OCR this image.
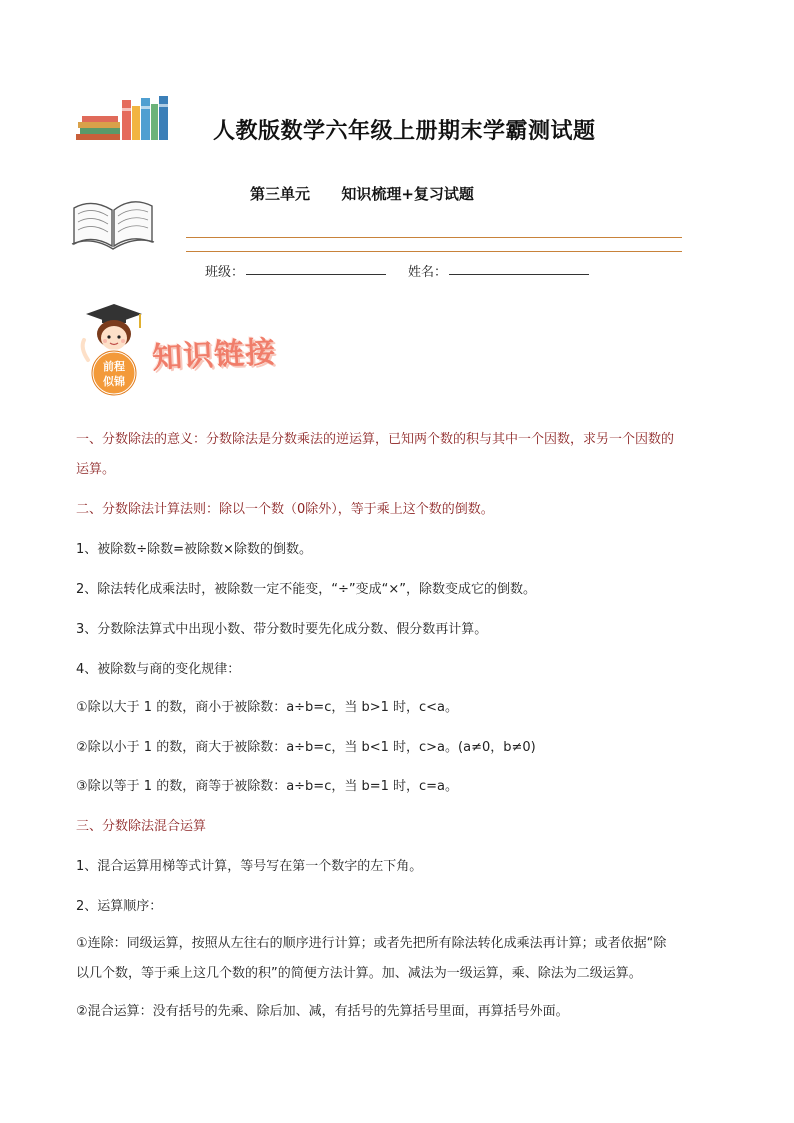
人教版数学六年级上册期末学霸测试题
第三单元 知识梳理+复习试题
班级：	姓名：
前程
似锦
知识链接
一、分数除法的意义：分数除法是分数乘法的逆运算，已知两个数的积与其中一个因数，求另一个因数的
运算。
二、分数除法计算法则：除以一个数（0除外），等于乘上这个数的倒数。
1、被除数÷除数=被除数×除数的倒数。
2、除法转化成乘法时，被除数一定不能变，“÷”变成“×”，除数变成它的倒数。
3、分数除法算式中出现小数、带分数时要先化成分数、假分数再计算。
4、被除数与商的变化规律：
①除以大于 1 的数，商小于被除数：a÷b=c，当 b>1 时，c<a。
②除以小于 1 的数，商大于被除数：a÷b=c，当 b<1 时，c>a。(a≠0，b≠0)
③除以等于 1 的数，商等于被除数：a÷b=c，当 b=1 时，c=a。
三、分数除法混合运算
1、混合运算用梯等式计算，等号写在第一个数字的左下角。
2、运算顺序：
①连除：同级运算，按照从左往右的顺序进行计算；或者先把所有除法转化成乘法再计算；或者依据“除
以几个数，等于乘上这几个数的积”的简便方法计算。加、减法为一级运算，乘、除法为二级运算。
②混合运算：没有括号的先乘、除后加、减，有括号的先算括号里面，再算括号外面。
